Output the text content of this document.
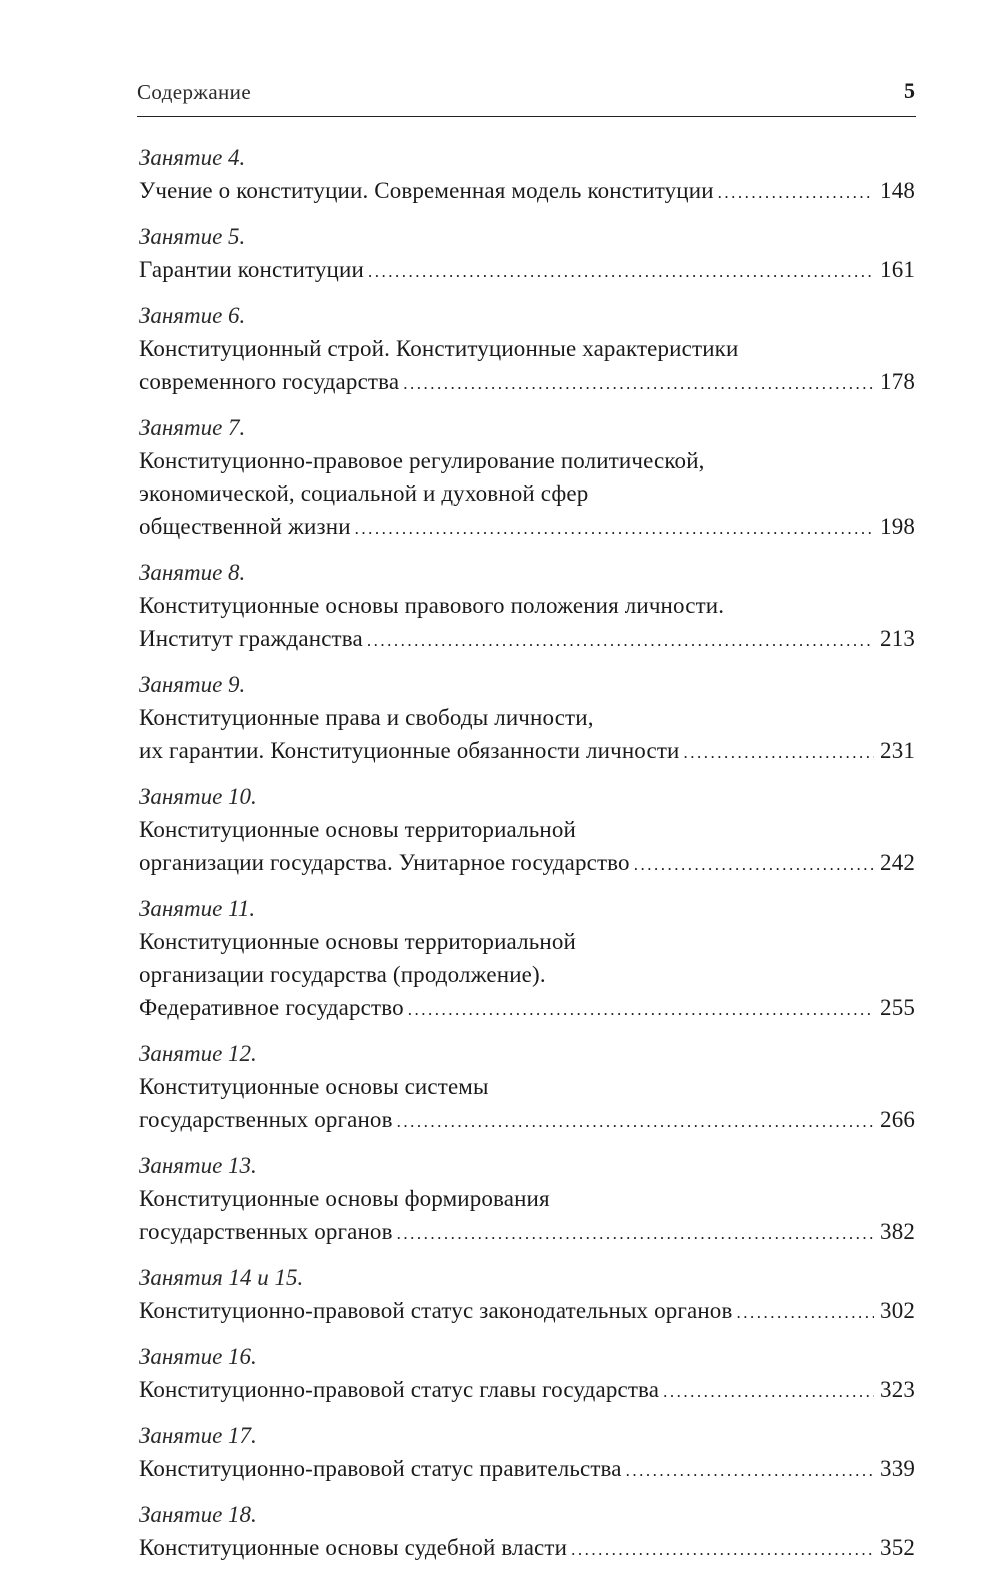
Содержание	5
Занятие 4.
Учение о конституции. Современная модель конституции .....	148
Занятие 5.
Гарантии конституции .....	161
Занятие 6.
Конституционный строй. Конституционные характеристики
современного государства .....	178
Занятие 7.
Конституционно-правовое регулирование политической,
экономической, социальной и духовной сфер
общественной жизни .....	198
Занятие 8.
Конституционные основы правового положения личности.
Институт гражданства .....	213
Занятие 9.
Конституционные права и свободы личности,
их гарантии. Конституционные обязанности личности .....	231
Занятие 10.
Конституционные основы территориальной
организации государства. Унитарное государство .....	242
Занятие 11.
Конституционные основы территориальной
организации государства (продолжение).
Федеративное государство .....	255
Занятие 12.
Конституционные основы системы
государственных органов .....	266
Занятие 13.
Конституционные основы формирования
государственных органов .....	382
Занятия 14 и 15.
Конституционно-правовой статус законодательных органов .....	302
Занятие 16.
Конституционно-правовой статус главы государства .....	323
Занятие 17.
Конституционно-правовой статус правительства .....	339
Занятие 18.
Конституционные основы судебной власти .....	352
